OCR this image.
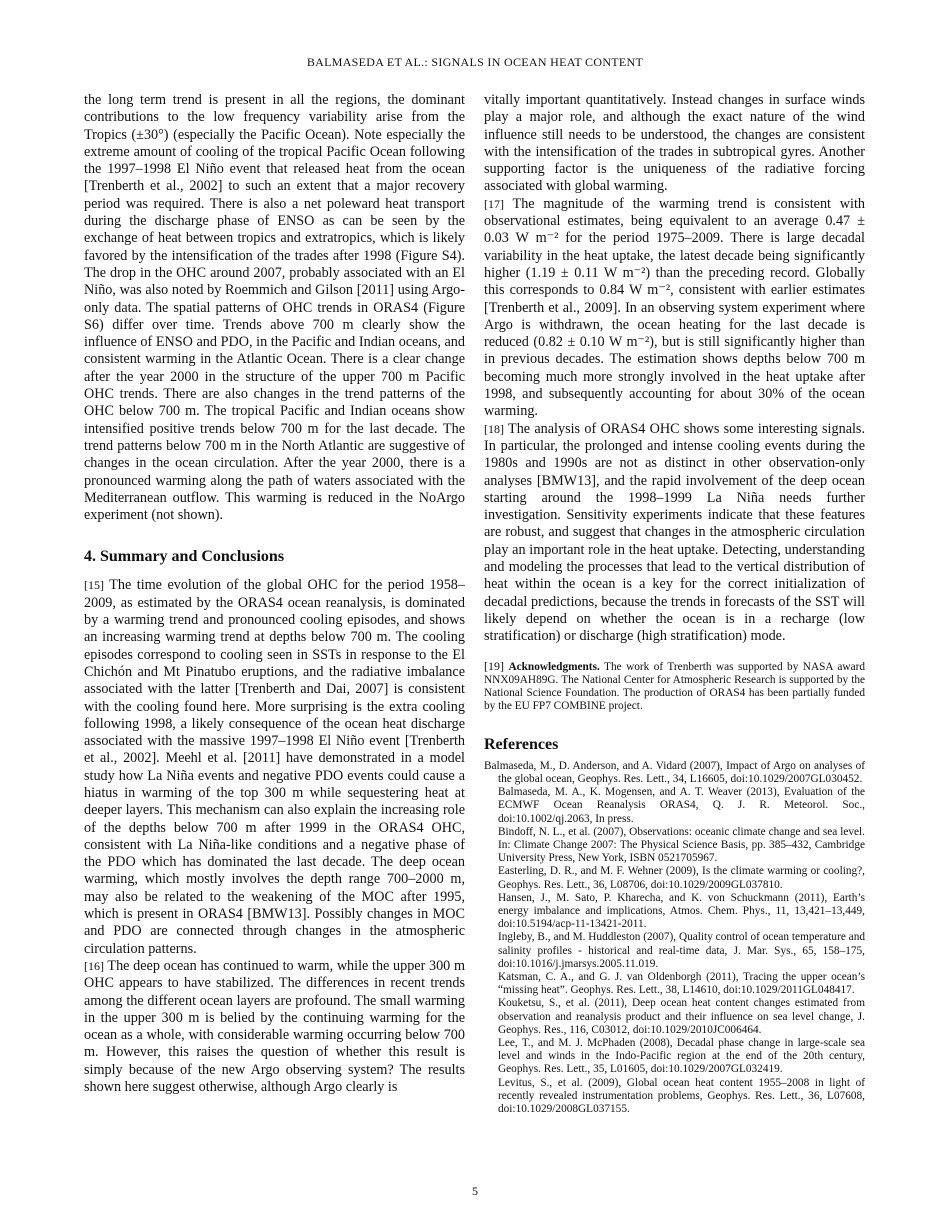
BALMASEDA ET AL.: SIGNALS IN OCEAN HEAT CONTENT

the long term trend is present in all the regions, the dominant contributions to the low frequency variability arise from the Tropics (±30°) (especially the Pacific Ocean). Note especially the extreme amount of cooling of the tropical Pacific Ocean following the 1997–1998 El Niño event that released heat from the ocean [Trenberth et al., 2002] to such an extent that a major recovery period was required. There is also a net poleward heat transport during the discharge phase of ENSO as can be seen by the exchange of heat between tropics and extratropics, which is likely favored by the intensification of the trades after 1998 (Figure S4). The drop in the OHC around 2007, probably associated with an El Niño, was also noted by Roemmich and Gilson [2011] using Argo-only data. The spatial patterns of OHC trends in ORAS4 (Figure S6) differ over time. Trends above 700 m clearly show the influence of ENSO and PDO, in the Pacific and Indian oceans, and consistent warming in the Atlantic Ocean. There is a clear change after the year 2000 in the structure of the upper 700 m Pacific OHC trends. There are also changes in the trend patterns of the OHC below 700 m. The tropical Pacific and Indian oceans show intensified positive trends below 700 m for the last decade. The trend patterns below 700 m in the North Atlantic are suggestive of changes in the ocean circulation. After the year 2000, there is a pronounced warming along the path of waters associated with the Mediterranean outflow. This warming is reduced in the NoArgo experiment (not shown).

4. Summary and Conclusions

[15] The time evolution of the global OHC for the period 1958–2009, as estimated by the ORAS4 ocean reanalysis, is dominated by a warming trend and pronounced cooling episodes, and shows an increasing warming trend at depths below 700 m. The cooling episodes correspond to cooling seen in SSTs in response to the El Chichón and Mt Pinatubo eruptions, and the radiative imbalance associated with the latter [Trenberth and Dai, 2007] is consistent with the cooling found here. More surprising is the extra cooling following 1998, a likely consequence of the ocean heat discharge associated with the massive 1997–1998 El Niño event [Trenberth et al., 2002]. Meehl et al. [2011] have demonstrated in a model study how La Niña events and negative PDO events could cause a hiatus in warming of the top 300 m while sequestering heat at deeper layers. This mechanism can also explain the increasing role of the depths below 700 m after 1999 in the ORAS4 OHC, consistent with La Niña-like conditions and a negative phase of the PDO which has dominated the last decade. The deep ocean warming, which mostly involves the depth range 700–2000 m, may also be related to the weakening of the MOC after 1995, which is present in ORAS4 [BMW13]. Possibly changes in MOC and PDO are connected through changes in the atmospheric circulation patterns.

[16] The deep ocean has continued to warm, while the upper 300 m OHC appears to have stabilized. The differences in recent trends among the different ocean layers are profound. The small warming in the upper 300 m is belied by the continuing warming for the ocean as a whole, with considerable warming occurring below 700 m. However, this raises the question of whether this result is simply because of the new Argo observing system? The results shown here suggest otherwise, although Argo clearly is

vitally important quantitatively. Instead changes in surface winds play a major role, and although the exact nature of the wind influence still needs to be understood, the changes are consistent with the intensification of the trades in subtropical gyres. Another supporting factor is the uniqueness of the radiative forcing associated with global warming.

[17] The magnitude of the warming trend is consistent with observational estimates, being equivalent to an average 0.47 ± 0.03 W m⁻² for the period 1975–2009. There is large decadal variability in the heat uptake, the latest decade being significantly higher (1.19 ± 0.11 W m⁻²) than the preceding record. Globally this corresponds to 0.84 W m⁻², consistent with earlier estimates [Trenberth et al., 2009]. In an observing system experiment where Argo is withdrawn, the ocean heating for the last decade is reduced (0.82 ± 0.10 W m⁻²), but is still significantly higher than in previous decades. The estimation shows depths below 700 m becoming much more strongly involved in the heat uptake after 1998, and subsequently accounting for about 30% of the ocean warming.

[18] The analysis of ORAS4 OHC shows some interesting signals. In particular, the prolonged and intense cooling events during the 1980s and 1990s are not as distinct in other observation-only analyses [BMW13], and the rapid involvement of the deep ocean starting around the 1998–1999 La Niña needs further investigation. Sensitivity experiments indicate that these features are robust, and suggest that changes in the atmospheric circulation play an important role in the heat uptake. Detecting, understanding and modeling the processes that lead to the vertical distribution of heat within the ocean is a key for the correct initialization of decadal predictions, because the trends in forecasts of the SST will likely depend on whether the ocean is in a recharge (low stratification) or discharge (high stratification) mode.

[19] Acknowledgments. The work of Trenberth was supported by NASA award NNX09AH89G. The National Center for Atmospheric Research is supported by the National Science Foundation. The production of ORAS4 has been partially funded by the EU FP7 COMBINE project.

References

Balmaseda, M., D. Anderson, and A. Vidard (2007), Impact of Argo on analyses of the global ocean, Geophys. Res. Lett., 34, L16605, doi:10.1029/2007GL030452.

Balmaseda, M. A., K. Mogensen, and A. T. Weaver (2013), Evaluation of the ECMWF Ocean Reanalysis ORAS4, Q. J. R. Meteorol. Soc., doi:10.1002/qj.2063, In press.

Bindoff, N. L., et al. (2007), Observations: oceanic climate change and sea level. In: Climate Change 2007: The Physical Science Basis, pp. 385–432, Cambridge University Press, New York, ISBN 0521705967.

Easterling, D. R., and M. F. Wehner (2009), Is the climate warming or cooling?, Geophys. Res. Lett., 36, L08706, doi:10.1029/2009GL037810.

Hansen, J., M. Sato, P. Kharecha, and K. von Schuckmann (2011), Earth’s energy imbalance and implications, Atmos. Chem. Phys., 11, 13,421–13,449, doi:10.5194/acp-11-13421-2011.

Ingleby, B., and M. Huddleston (2007), Quality control of ocean temperature and salinity profiles - historical and real-time data, J. Mar. Sys., 65, 158–175, doi:10.1016/j.jmarsys.2005.11.019.

Katsman, C. A., and G. J. van Oldenborgh (2011), Tracing the upper ocean’s “missing heat”. Geophys. Res. Lett., 38, L14610, doi:10.1029/2011GL048417.

Kouketsu, S., et al. (2011), Deep ocean heat content changes estimated from observation and reanalysis product and their influence on sea level change, J. Geophys. Res., 116, C03012, doi:10.1029/2010JC006464.

Lee, T., and M. J. McPhaden (2008), Decadal phase change in large-scale sea level and winds in the Indo-Pacific region at the end of the 20th century, Geophys. Res. Lett., 35, L01605, doi:10.1029/2007GL032419.

Levitus, S., et al. (2009), Global ocean heat content 1955–2008 in light of recently revealed instrumentation problems, Geophys. Res. Lett., 36, L07608, doi:10.1029/2008GL037155.

5
